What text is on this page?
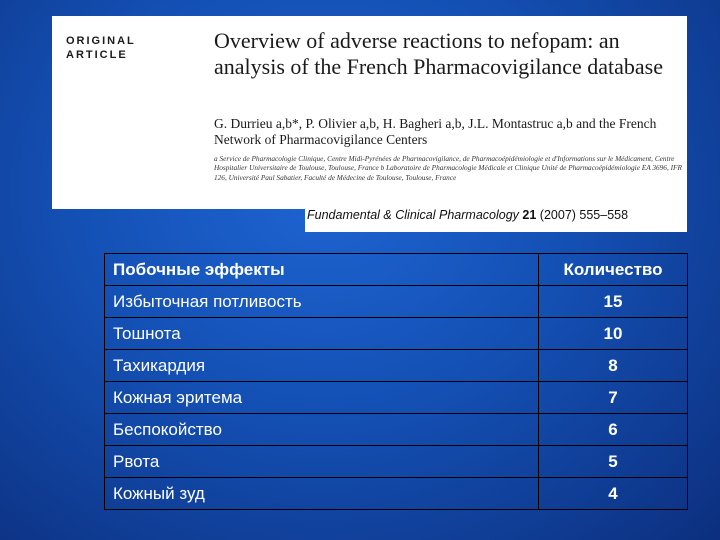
ORIGINAL
ARTICLE
Overview of adverse reactions to nefopam: an analysis of the French Pharmacovigilance database
G. Durrieu a,b*, P. Olivier a,b, H. Bagheri a,b, J.L. Montastruc a,b and the French Network of Pharmacovigilance Centers
a Service de Pharmacologie Clinique, Centre Midi-Pyrénées de Pharmacovigilance, de Pharmacoépidémiologie et d'Informations sur le Médicament, Centre Hospitalier Universitaire de Toulouse, Toulouse, France b Laboratoire de Pharmacologie Médicale et Clinique Unité de Pharmacoépidémiologie EA 3696, IFR 126, Université Paul Sabatier, Faculté de Médecine de Toulouse, Toulouse, France
Fundamental & Clinical Pharmacology 21 (2007) 555–558
Побочные эффекты	Количество
Избыточная потливость	15
Тошнота	10
Тахикардия	8
Кожная эритема	7
Беспокойство	6
Рвота	5
Кожный зуд	4
